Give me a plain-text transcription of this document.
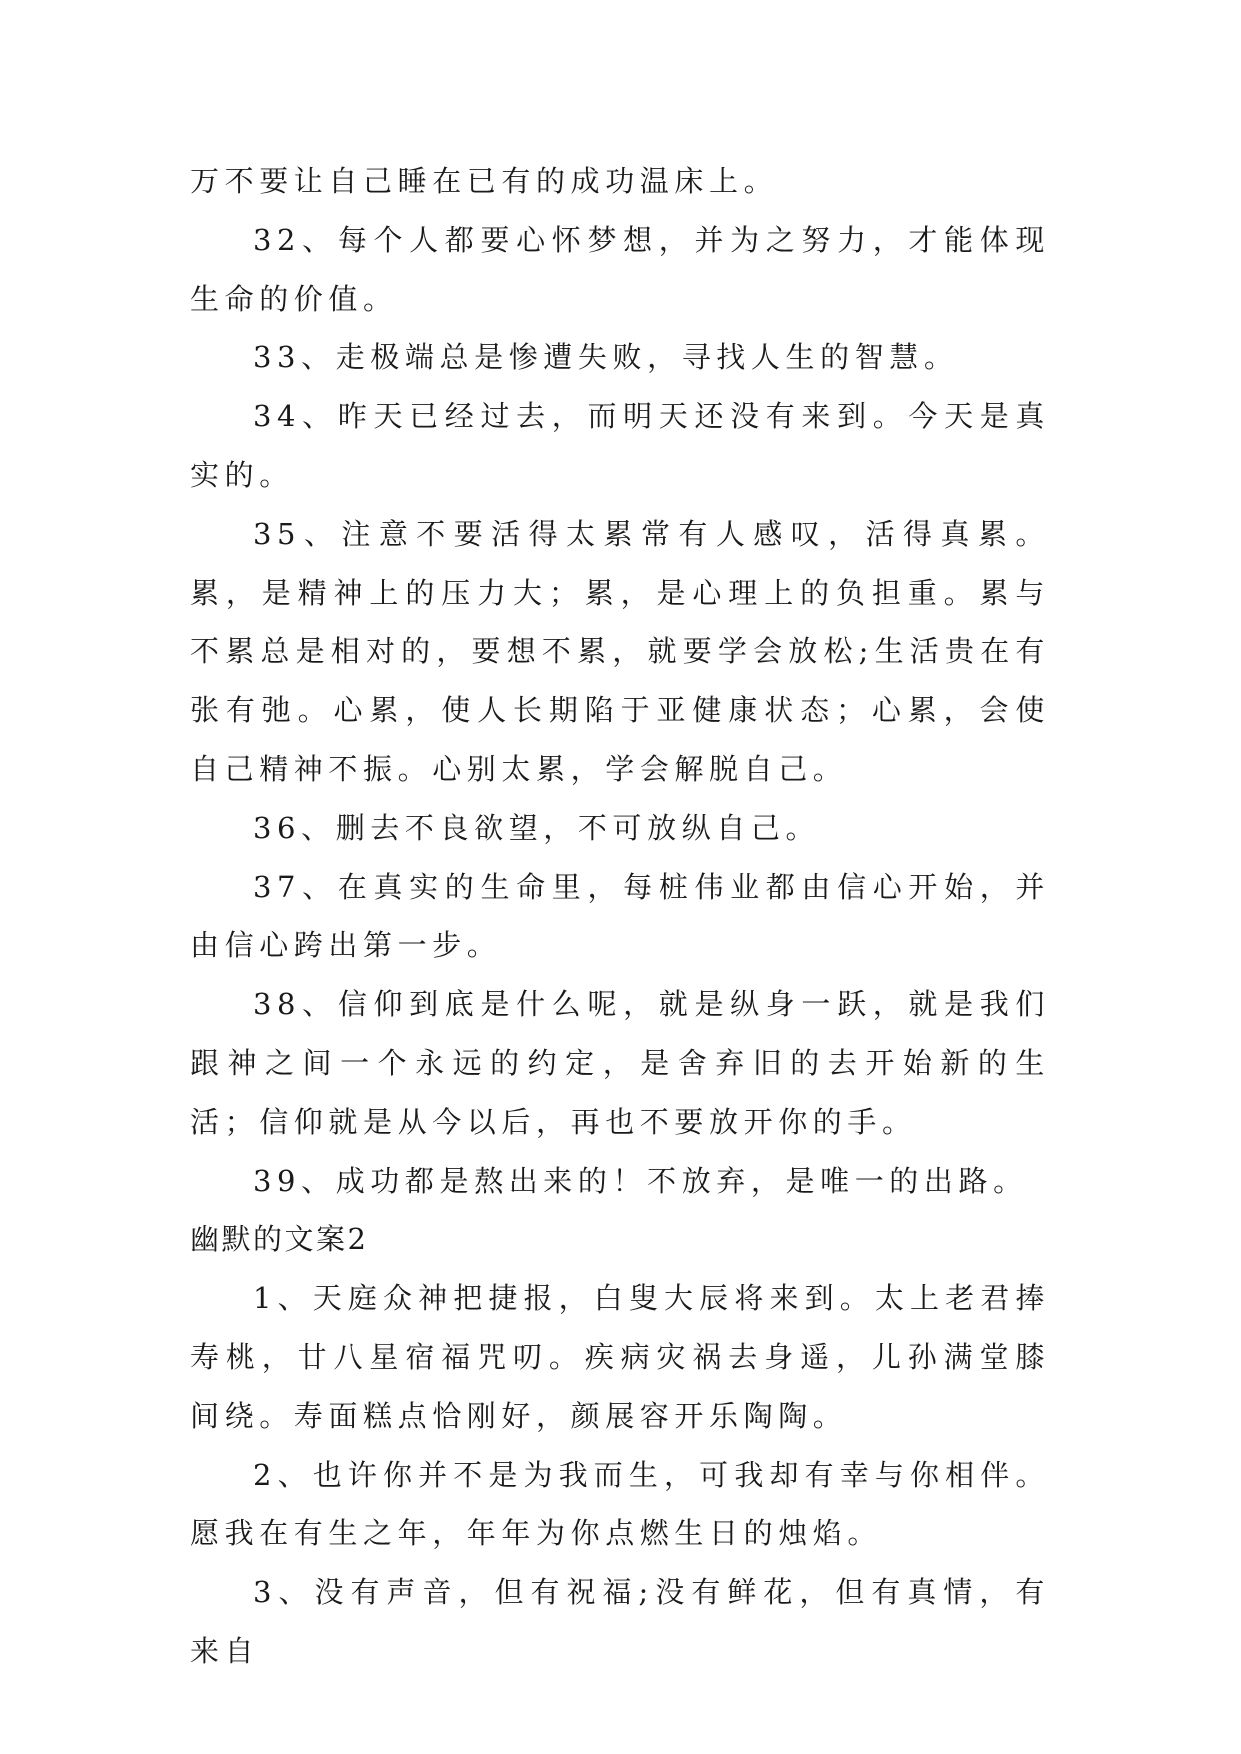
万不要让自己睡在已有的成功温床上。

32、每个人都要心怀梦想，并为之努力，才能体现生命的价值。

33、走极端总是惨遭失败，寻找人生的智慧。

34、昨天已经过去，而明天还没有来到。今天是真实的。

35、注意不要活得太累常有人感叹，活得真累。累，是精神上的压力大；累，是心理上的负担重。累与不累总是相对的，要想不累，就要学会放松;生活贵在有张有弛。心累，使人长期陷于亚健康状态；心累，会使自己精神不振。心别太累，学会解脱自己。

36、删去不良欲望，不可放纵自己。

37、在真实的生命里，每桩伟业都由信心开始，并由信心跨出第一步。

38、信仰到底是什么呢，就是纵身一跃，就是我们跟神之间一个永远的约定，是舍弃旧的去开始新的生活；信仰就是从今以后，再也不要放开你的手。

39、成功都是熬出来的！不放弃，是唯一的出路。

幽默的文案2

1、天庭众神把捷报，白叟大辰将来到。太上老君捧寿桃，廿八星宿福咒叨。疾病灾祸去身遥，儿孙满堂膝间绕。寿面糕点恰刚好，颜展容开乐陶陶。

2、也许你并不是为我而生，可我却有幸与你相伴。愿我在有生之年，年年为你点燃生日的烛焰。

3、没有声音，但有祝福;没有鲜花，但有真情，有来自
